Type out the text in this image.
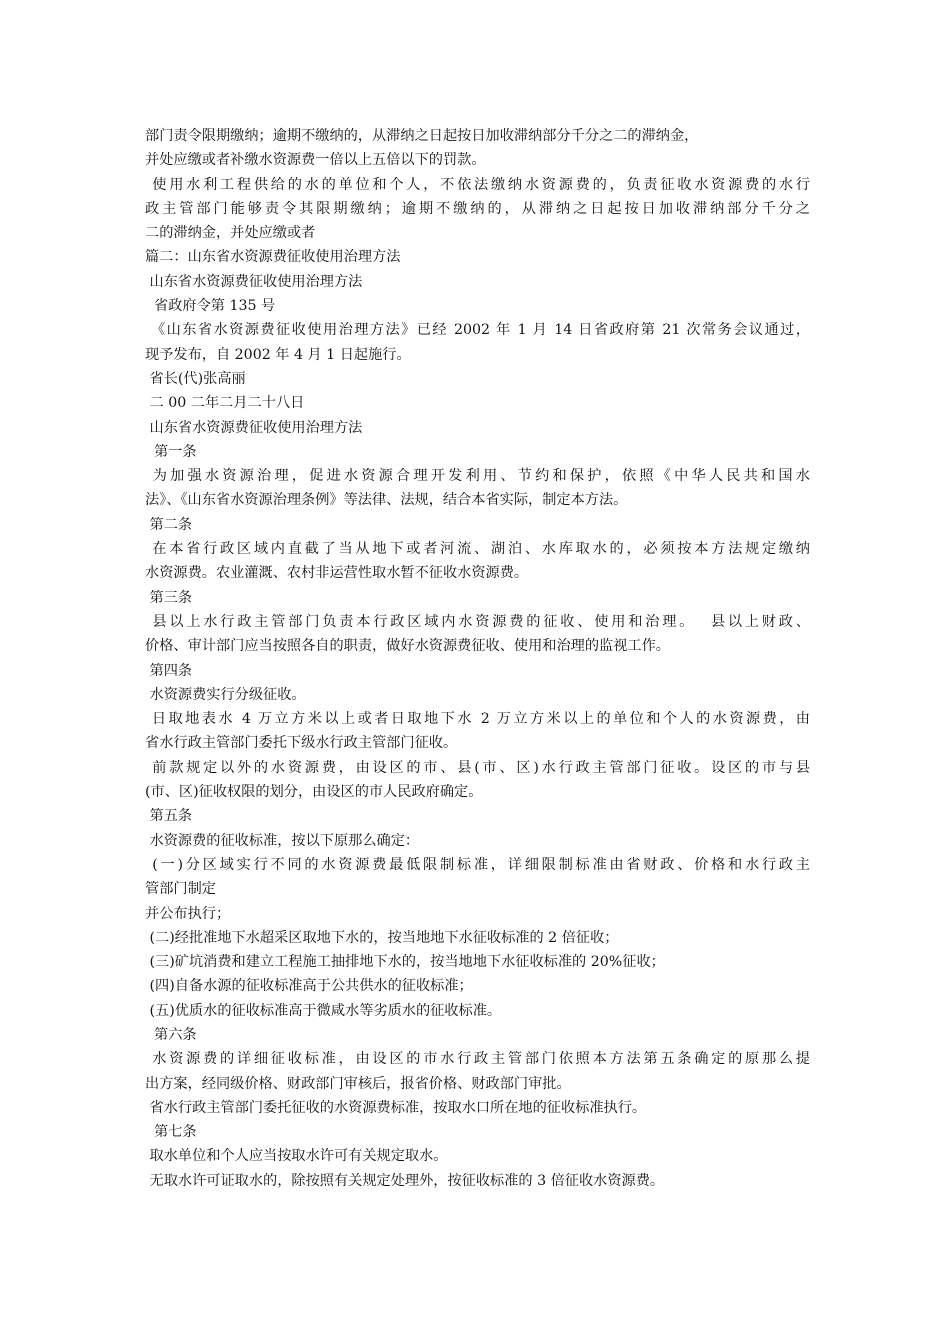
部门责令限期缴纳；逾期不缴纳的，从滞纳之日起按日加收滞纳部分千分之二的滞纳金，
并处应缴或者补缴水资源费一倍以上五倍以下的罚款。
使用水利工程供给的水的单位和个人，不依法缴纳水资源费的，负责征收水资源费的水行
政主管部门能够责令其限期缴纳；逾期不缴纳的，从滞纳之日起按日加收滞纳部分千分之
二的滞纳金，并处应缴或者
篇二：山东省水资源费征收使用治理方法
山东省水资源费征收使用治理方法
省政府令第 135 号
《山东省水资源费征收使用治理方法》已经 2002 年 1 月 14 日省政府第 21 次常务会议通过，
现予发布，自 2002 年 4 月 1 日起施行。
省长(代)张高丽
二 00 二年二月二十八日
山东省水资源费征收使用治理方法
第一条
为加强水资源治理，促进水资源合理开发利用、节约和保护，依照《中华人民共和国水
法》、《山东省水资源治理条例》等法律、法规，结合本省实际，制定本方法。
第二条
在本省行政区域内直截了当从地下或者河流、湖泊、水库取水的，必须按本方法规定缴纳
水资源费。农业灌溉、农村非运营性取水暂不征收水资源费。
第三条
县以上水行政主管部门负责本行政区域内水资源费的征收、使用和治理。  县以上财政、
价格、审计部门应当按照各自的职责，做好水资源费征收、使用和治理的监视工作。
第四条
水资源费实行分级征收。
日取地表水 4 万立方米以上或者日取地下水 2 万立方米以上的单位和个人的水资源费，由
省水行政主管部门委托下级水行政主管部门征收。
前款规定以外的水资源费，由设区的市、县(市、区)水行政主管部门征收。设区的市与县
(市、区)征收权限的划分，由设区的市人民政府确定。
第五条
水资源费的征收标准，按以下原那么确定：
(一)分区域实行不同的水资源费最低限制标准，详细限制标准由省财政、价格和水行政主
管部门制定
并公布执行；
(二)经批准地下水超采区取地下水的，按当地地下水征收标准的 2 倍征收；
(三)矿坑消费和建立工程施工抽排地下水的，按当地地下水征收标准的 20%征收；
(四)自备水源的征收标准高于公共供水的征收标准；
(五)优质水的征收标准高于微咸水等劣质水的征收标准。
第六条
水资源费的详细征收标准，由设区的市水行政主管部门依照本方法第五条确定的原那么提
出方案，经同级价格、财政部门审核后，报省价格、财政部门审批。
省水行政主管部门委托征收的水资源费标准，按取水口所在地的征收标准执行。
第七条
取水单位和个人应当按取水许可有关规定取水。
无取水许可证取水的，除按照有关规定处理外，按征收标准的 3 倍征收水资源费。
